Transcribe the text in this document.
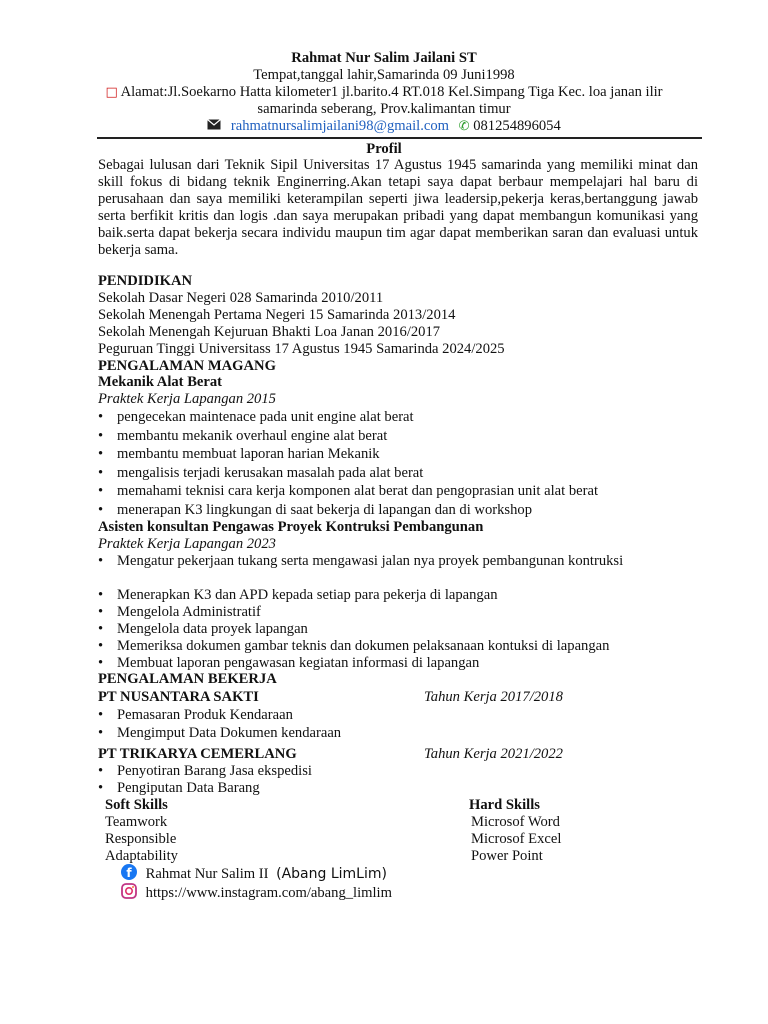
Rahmat Nur Salim Jailani ST
Tempat,tanggal lahir,Samarinda 09 Juni1998
□ Alamat:Jl.Soekarno Hatta kilometer1 jl.barito.4 RT.018 Kel.Simpang Tiga Kec. loa janan ilir
samarinda seberang, Prov.kalimantan timur
rahmatnursalimjailani98@gmail.com ✆ 081254896054
Profil
Sebagai lulusan dari Teknik Sipil Universitas 17 Agustus 1945 samarinda yang memiliki minat dan skill fokus di bidang teknik Enginerring.Akan tetapi saya dapat berbaur mempelajari hal baru di perusahaan dan saya memiliki keterampilan seperti jiwa leadersip,pekerja keras,bertanggung jawab serta berfikit kritis dan logis .dan saya merupakan pribadi yang dapat membangun komunikasi yang baik.serta dapat bekerja secara individu maupun tim agar dapat memberikan saran dan evaluasi untuk bekerja sama.
PENDIDIKAN
Sekolah Dasar Negeri 028 Samarinda 2010/2011
Sekolah Menengah Pertama Negeri 15 Samarinda 2013/2014
Sekolah Menengah Kejuruan Bhakti Loa Janan 2016/2017
Peguruan Tinggi Universitass 17 Agustus 1945 Samarinda 2024/2025
PENGALAMAN MAGANG
Mekanik Alat Berat
Praktek Kerja Lapangan 2015
• pengecekan maintenace pada unit engine alat berat
• membantu mekanik overhaul engine alat berat
• membantu membuat laporan harian Mekanik
• mengalisis terjadi kerusakan masalah pada alat berat
• memahami teknisi cara kerja komponen alat berat dan pengoprasian unit alat berat
• menerapan K3 lingkungan di saat bekerja di lapangan dan di workshop
Asisten konsultan Pengawas Proyek Kontruksi Pembangunan
Praktek Kerja Lapangan 2023
• Mengatur pekerjaan tukang serta mengawasi jalan nya proyek pembangunan kontruksi
• Menerapkan K3 dan APD kepada setiap para pekerja di lapangan
• Mengelola Administratif
• Mengelola data proyek lapangan
• Memeriksa dokumen gambar teknis dan dokumen pelaksanaan kontuksi di lapangan
• Membuat laporan pengawasan kegiatan informasi di lapangan
PENGALAMAN BEKERJA
PT NUSANTARA SAKTI	Tahun Kerja 2017/2018
• Pemasaran Produk Kendaraan
• Mengimput Data Dokumen kendaraan
PT TRIKARYA CEMERLANG	Tahun Kerja 2021/2022
• Penyotiran Barang Jasa ekspedisi
• Pengiputan Data Barang
Soft Skills
Teamwork
Responsible
Adaptability
Hard Skills
Microsof Word
Microsof Excel
Power Point
f Rahmat Nur Salim II (Abang LimLim)
https://www.instagram.com/abang_limlim
